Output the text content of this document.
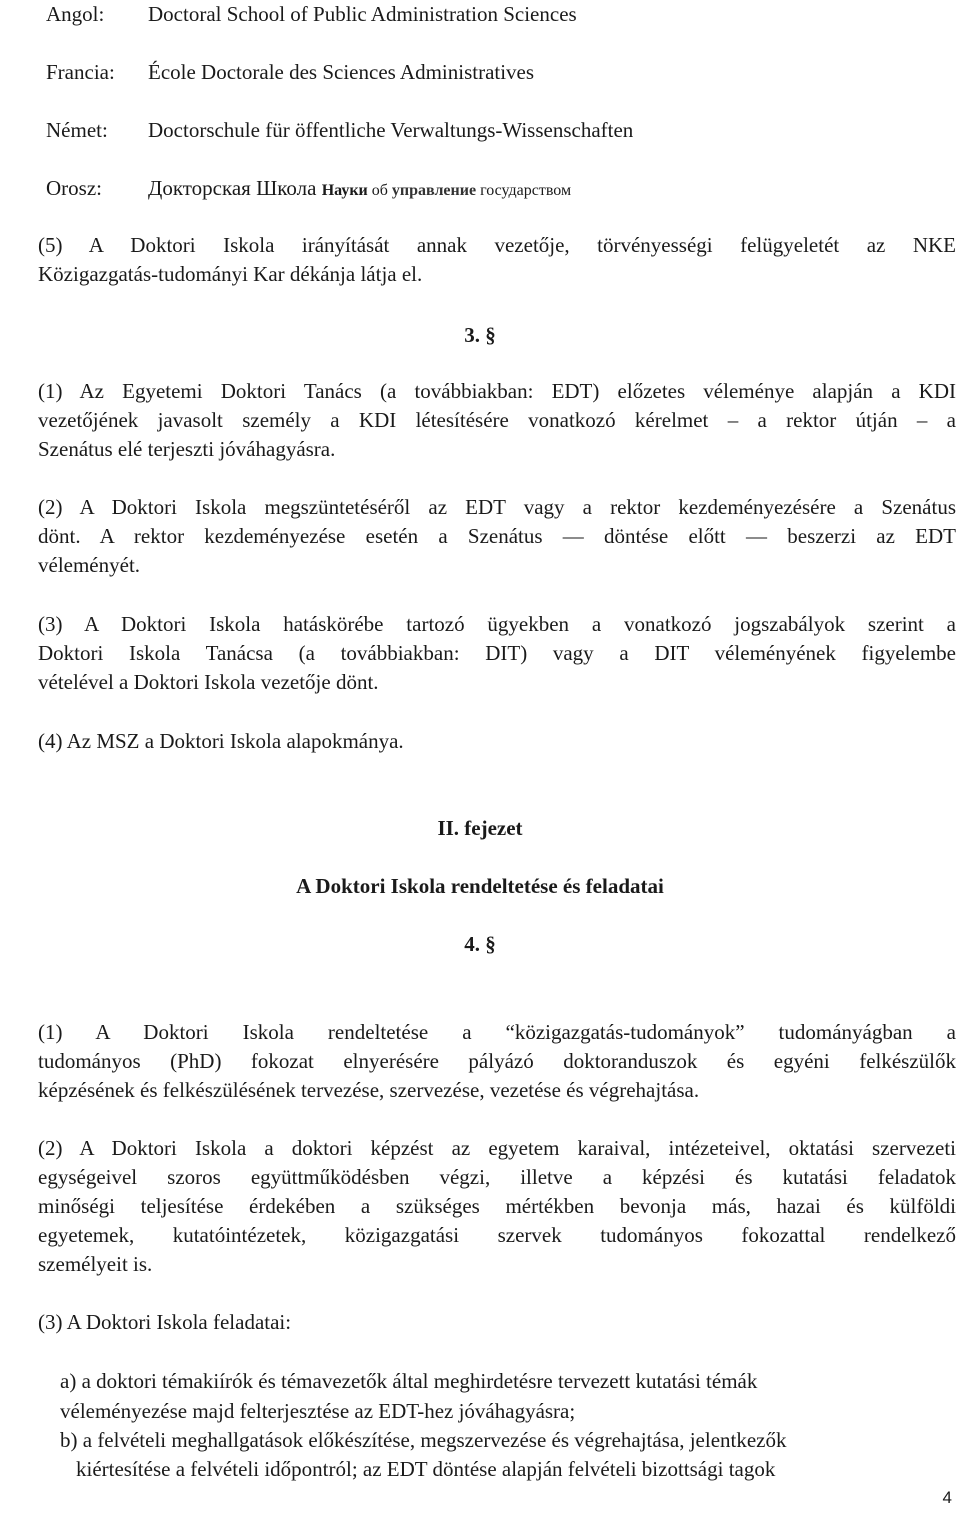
Angol: Doctoral School of Public Administration Sciences
Francia: École Doctorale des Sciences Administratives
Német: Doctorschule für öffentliche Verwaltungs-Wissenschaften
Orosz: Докторская Школа Науки об управление государством
(5) A Doktori Iskola irányítását annak vezetője, törvényességi felügyeletét az NKE
Közigazgatás-tudományi Kar dékánja látja el.
3. §
(1) Az Egyetemi Doktori Tanács (a továbbiakban: EDT) előzetes véleménye alapján a KDI
vezetőjének javasolt személy a KDI létesítésére vonatkozó kérelmet – a rektor útján – a
Szenátus elé terjeszti jóváhagyásra.
(2) A Doktori Iskola megszüntetéséről az EDT vagy a rektor kezdeményezésére a Szenátus
dönt. A rektor kezdeményezése esetén a Szenátus ― döntése előtt ― beszerzi az EDT
véleményét.
(3) A Doktori Iskola hatáskörébe tartozó ügyekben a vonatkozó jogszabályok szerint a
Doktori Iskola Tanácsa (a továbbiakban: DIT) vagy a DIT véleményének figyelembe
vételével a Doktori Iskola vezetője dönt.
(4) Az MSZ a Doktori Iskola alapokmánya.
II. fejezet
A Doktori Iskola rendeltetése és feladatai
4. §
(1) A Doktori Iskola rendeltetése a “közigazgatás-tudományok” tudományágban a
tudományos (PhD) fokozat elnyerésére pályázó doktoranduszok és egyéni felkészülők
képzésének és felkészülésének tervezése, szervezése, vezetése és végrehajtása.
(2) A Doktori Iskola a doktori képzést az egyetem karaival, intézeteivel, oktatási szervezeti
egységeivel szoros együttműködésben végzi, illetve a képzési és kutatási feladatok
minőségi teljesítése érdekében a szükséges mértékben bevonja más, hazai és külföldi
egyetemek, kutatóintézetek, közigazgatási szervek tudományos fokozattal rendelkező
személyeit is.
(3) A Doktori Iskola feladatai:
a) a doktori témakiírók és témavezetők által meghirdetésre tervezett kutatási témák
véleményezése majd felterjesztése az EDT-hez jóváhagyásra;
b) a felvételi meghallgatások előkészítése, megszervezése és végrehajtása, jelentkezők
kiértesítése a felvételi időpontról; az EDT döntése alapján felvételi bizottsági tagok
4
